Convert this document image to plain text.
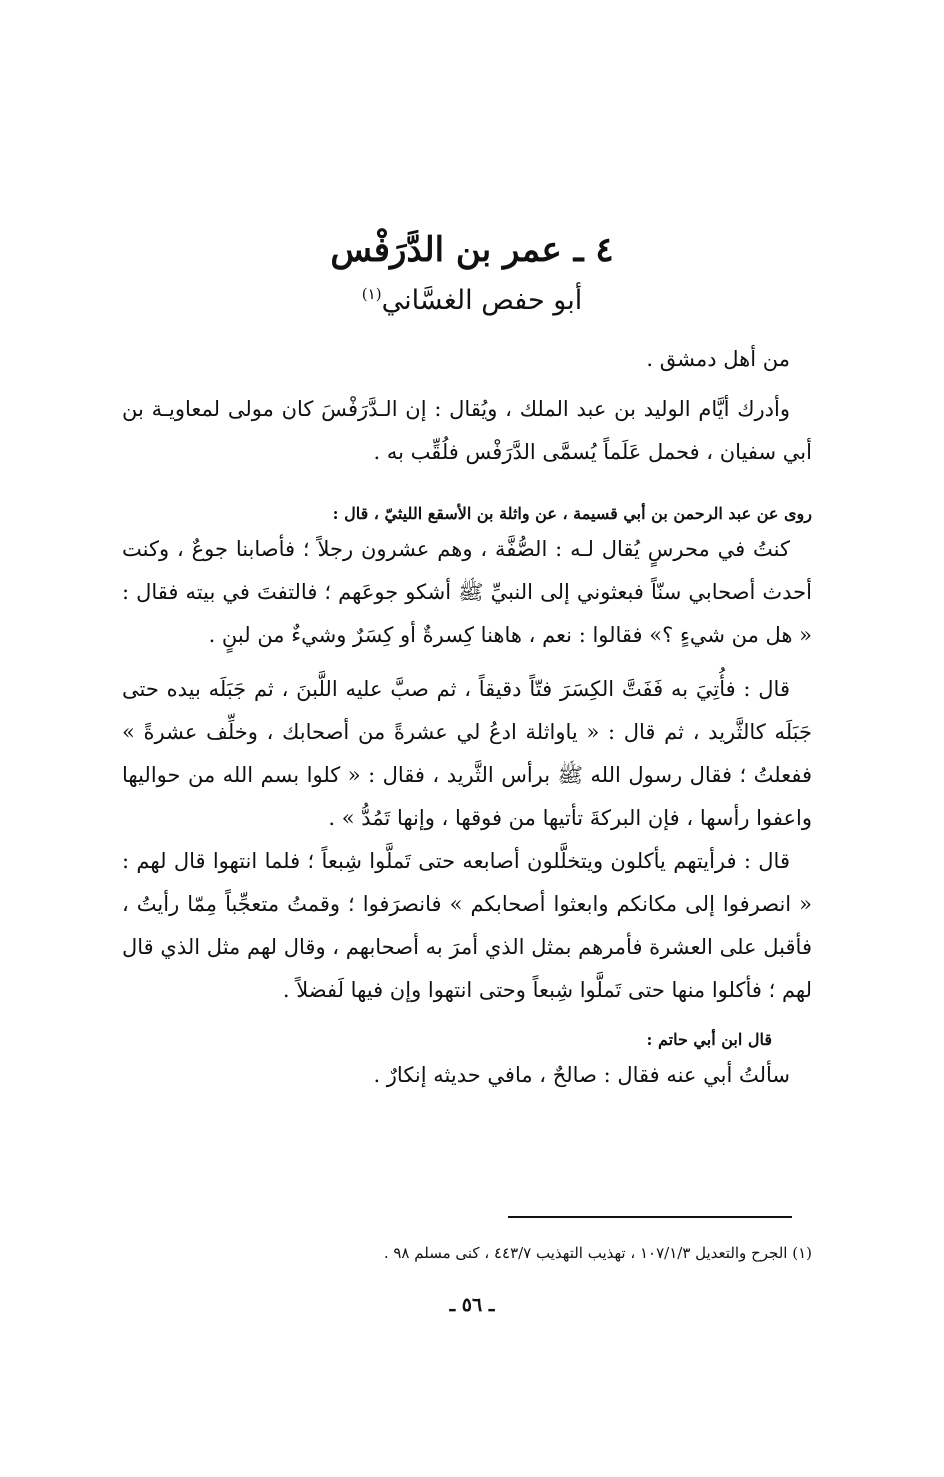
٤ ـ عمر بن الدَّرَفْس
أبو حفص الغسَّاني$^{(١)}$

من أهل دمشق .

وأدرك أيَّام الوليد بن عبد الملك ، ويُقال : إن الـدَّرَفْسَ كان مولى لمعاويـة بن أبي سفيان ، فحمل عَلَماً يُسمَّى الدَّرَفْس فلُقِّب به .

روى عن عبد الرحمن بن أبي قسيمة ، عن واثلة بن الأسقع الليثيّ ، قال :

كنتُ في محرسٍ يُقال لـه : الصُّفَّة ، وهم عشرون رجلاً ؛ فأصابنا جوعٌ ، وكنت أحدث أصحابي سنّاً فبعثوني إلى النبيِّ ﷺ أشكو جوعَهم ؛ فالتفتَ في بيته فقال : « هل من شيءٍ ؟» فقالوا : نعم ، هاهنا كِسرةٌ أو كِسَرٌ وشيءٌ من لبنٍ .

قال : فأُتِيَ به فَفَتَّ الكِسَرَ فتّاً دقيقاً ، ثم صبَّ عليه اللَّبنَ ، ثم جَبَلَه بيده حتى جَبَلَه كالثَّريد ، ثم قال : « ياواثلة ادعُ لي عشرةً من أصحابك ، وخلِّف عشرةً » ففعلتُ ؛ فقال رسول الله ﷺ برأس الثَّريد ، فقال : « كلوا بسم الله من حواليها واعفوا رأسها ، فإن البركةَ تأتيها من فوقها ، وإنها تَمُدُّ » .

قال : فرأيتهم يأكلون ويتخلَّلون أصابعه حتى تَملَّوا شِبعاً ؛ فلما انتهوا قال لهم : « انصرفوا إلى مكانكم وابعثوا أصحابكم » فانصرَفوا ؛ وقمتُ متعجِّباً مِمّا رأيتُ ، فأقبل على العشرة فأمرهم بمثل الذي أمرَ به أصحابهم ، وقال لهم مثل الذي قال لهم ؛ فأكلوا منها حتى تَملَّوا شِبعاً وحتى انتهوا وإن فيها لَفضلاً .

قال ابن أبي حاتم :

سألتُ أبي عنه فقال : صالحٌ ، مافي حديثه إنكارٌ .

(١) الجرح والتعديل ١٠٧/١/٣ ، تهذيب التهذيب ٤٤٣/٧ ، كنى مسلم ٩٨ .
ـ ٥٦ ـ
